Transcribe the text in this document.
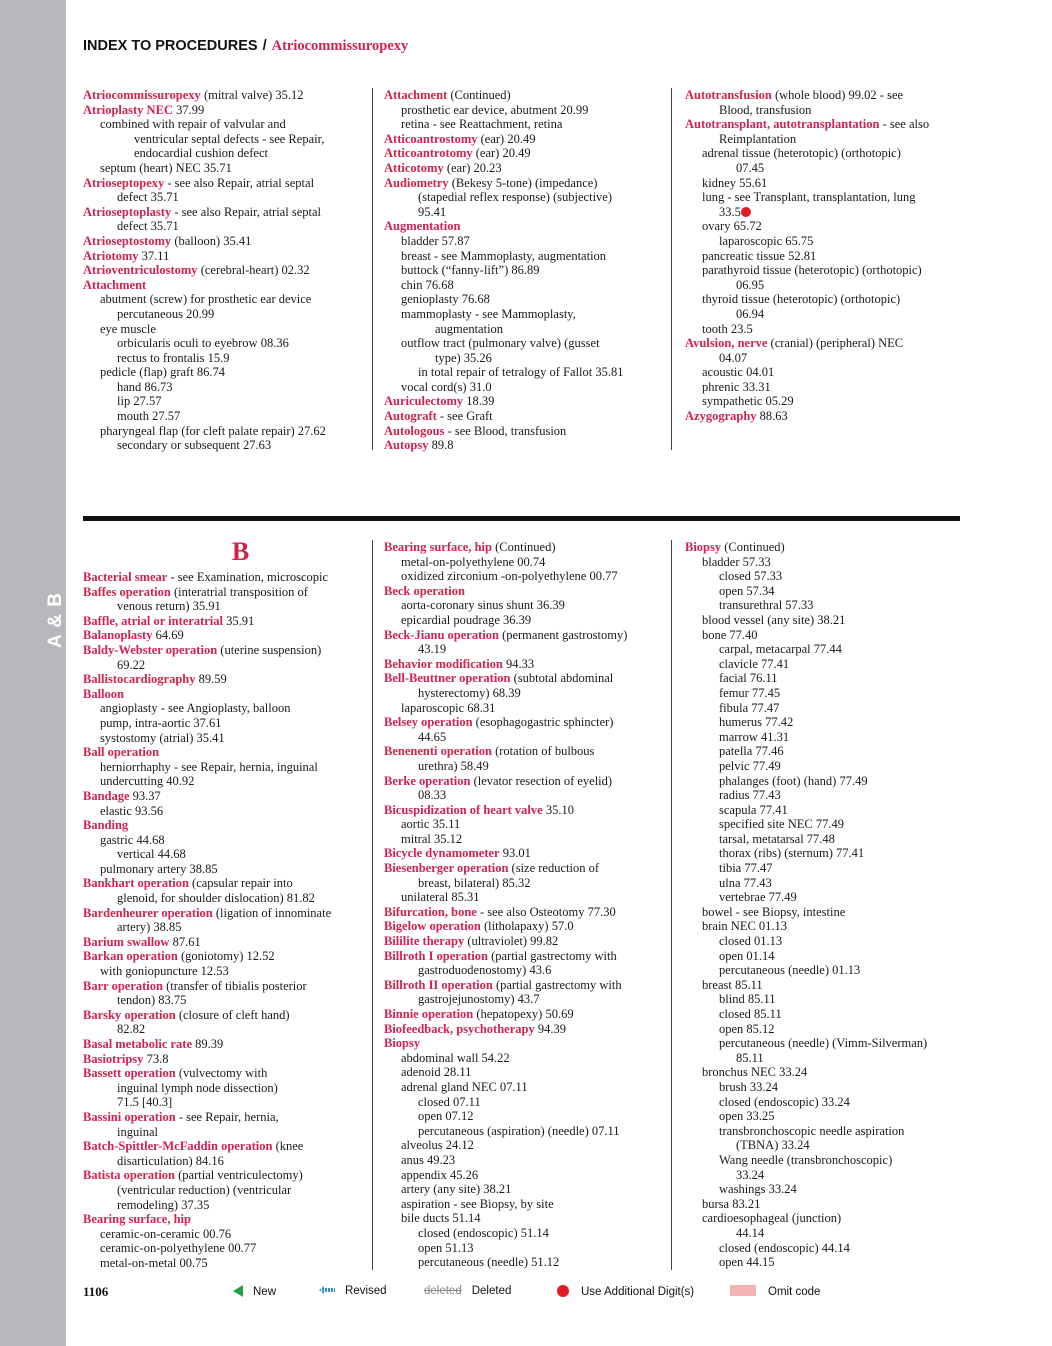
A & B
INDEX TO PROCEDURES / Atriocommissuropexy
Atriocommissuropexy (mitral valve) 35.12
Atrioplasty NEC 37.99
combined with repair of valvular and
ventricular septal defects - see Repair,
endocardial cushion defect
septum (heart) NEC 35.71
Atrioseptopexy - see also Repair, atrial septal
defect 35.71
Atrioseptoplasty - see also Repair, atrial septal
defect 35.71
Atrioseptostomy (balloon) 35.41
Atriotomy 37.11
Atrioventriculostomy (cerebral-heart) 02.32
Attachment
abutment (screw) for prosthetic ear device
percutaneous 20.99
eye muscle
orbicularis oculi to eyebrow 08.36
rectus to frontalis 15.9
pedicle (flap) graft 86.74
hand 86.73
lip 27.57
mouth 27.57
pharyngeal flap (for cleft palate repair) 27.62
secondary or subsequent 27.63
Attachment (Continued)
prosthetic ear device, abutment 20.99
retina - see Reattachment, retina
Atticoantrostomy (ear) 20.49
Atticoantrotomy (ear) 20.49
Atticotomy (ear) 20.23
Audiometry (Bekesy 5-tone) (impedance)
(stapedial reflex response) (subjective)
95.41
Augmentation
bladder 57.87
breast - see Mammoplasty, augmentation
buttock (“fanny-lift”) 86.89
chin 76.68
genioplasty 76.68
mammoplasty - see Mammoplasty,
augmentation
outflow tract (pulmonary valve) (gusset
type) 35.26
in total repair of tetralogy of Fallot 35.81
vocal cord(s) 31.0
Auriculectomy 18.39
Autograft - see Graft
Autologous - see Blood, transfusion
Autopsy 89.8
Autotransfusion (whole blood) 99.02 - see
Blood, transfusion
Autotransplant, autotransplantation - see also
Reimplantation
adrenal tissue (heterotopic) (orthotopic)
07.45
kidney 55.61
lung - see Transplant, transplantation, lung
33.5
ovary 65.72
laparoscopic 65.75
pancreatic tissue 52.81
parathyroid tissue (heterotopic) (orthotopic)
06.95
thyroid tissue (heterotopic) (orthotopic)
06.94
tooth 23.5
Avulsion, nerve (cranial) (peripheral) NEC
04.07
acoustic 04.01
phrenic 33.31
sympathetic 05.29
Azygography 88.63
B
Bacterial smear - see Examination, microscopic
Baffes operation (interatrial transposition of
venous return) 35.91
Baffle, atrial or interatrial 35.91
Balanoplasty 64.69
Baldy-Webster operation (uterine suspension)
69.22
Ballistocardiography 89.59
Balloon
angioplasty - see Angioplasty, balloon
pump, intra-aortic 37.61
systostomy (atrial) 35.41
Ball operation
herniorrhaphy - see Repair, hernia, inguinal
undercutting 40.92
Bandage 93.37
elastic 93.56
Banding
gastric 44.68
vertical 44.68
pulmonary artery 38.85
Bankhart operation (capsular repair into
glenoid, for shoulder dislocation) 81.82
Bardenheurer operation (ligation of innominate
artery) 38.85
Barium swallow 87.61
Barkan operation (goniotomy) 12.52
with goniopuncture 12.53
Barr operation (transfer of tibialis posterior
tendon) 83.75
Barsky operation (closure of cleft hand)
82.82
Basal metabolic rate 89.39
Basiotripsy 73.8
Bassett operation (vulvectomy with
inguinal lymph node dissection)
71.5 [40.3]
Bassini operation - see Repair, hernia,
inguinal
Batch-Spittler-McFaddin operation (knee
disarticulation) 84.16
Batista operation (partial ventriculectomy)
(ventricular reduction) (ventricular
remodeling) 37.35
Bearing surface, hip
ceramic-on-ceramic 00.76
ceramic-on-polyethylene 00.77
metal-on-metal 00.75
Bearing surface, hip (Continued)
metal-on-polyethylene 00.74
oxidized zirconium -on-polyethylene 00.77
Beck operation
aorta-coronary sinus shunt 36.39
epicardial poudrage 36.39
Beck-Jianu operation (permanent gastrostomy)
43.19
Behavior modification 94.33
Bell-Beuttner operation (subtotal abdominal
hysterectomy) 68.39
laparoscopic 68.31
Belsey operation (esophagogastric sphincter)
44.65
Benenenti operation (rotation of bulbous
urethra) 58.49
Berke operation (levator resection of eyelid)
08.33
Bicuspidization of heart valve 35.10
aortic 35.11
mitral 35.12
Bicycle dynamometer 93.01
Biesenberger operation (size reduction of
breast, bilateral) 85.32
unilateral 85.31
Bifurcation, bone - see also Osteotomy 77.30
Bigelow operation (litholapaxy) 57.0
Bililite therapy (ultraviolet) 99.82
Billroth I operation (partial gastrectomy with
gastroduodenostomy) 43.6
Billroth II operation (partial gastrectomy with
gastrojejunostomy) 43.7
Binnie operation (hepatopexy) 50.69
Biofeedback, psychotherapy 94.39
Biopsy
abdominal wall 54.22
adenoid 28.11
adrenal gland NEC 07.11
closed 07.11
open 07.12
percutaneous (aspiration) (needle) 07.11
alveolus 24.12
anus 49.23
appendix 45.26
artery (any site) 38.21
aspiration - see Biopsy, by site
bile ducts 51.14
closed (endoscopic) 51.14
open 51.13
percutaneous (needle) 51.12
Biopsy (Continued)
bladder 57.33
closed 57.33
open 57.34
transurethral 57.33
blood vessel (any site) 38.21
bone 77.40
carpal, metacarpal 77.44
clavicle 77.41
facial 76.11
femur 77.45
fibula 77.47
humerus 77.42
marrow 41.31
patella 77.46
pelvic 77.49
phalanges (foot) (hand) 77.49
radius 77.43
scapula 77.41
specified site NEC 77.49
tarsal, metatarsal 77.48
thorax (ribs) (sternum) 77.41
tibia 77.47
ulna 77.43
vertebrae 77.49
bowel - see Biopsy, intestine
brain NEC 01.13
closed 01.13
open 01.14
percutaneous (needle) 01.13
breast 85.11
blind 85.11
closed 85.11
open 85.12
percutaneous (needle) (Vimm-Silverman)
85.11
bronchus NEC 33.24
brush 33.24
closed (endoscopic) 33.24
open 33.25
transbronchoscopic needle aspiration
(TBNA) 33.24
Wang needle (transbronchoscopic)
33.24
washings 33.24
bursa 83.21
cardioesophageal (junction)
44.14
closed (endoscopic) 44.14
open 44.15
1106	New	Revised	deleted Deleted	Use Additional Digit(s)	Omit code
